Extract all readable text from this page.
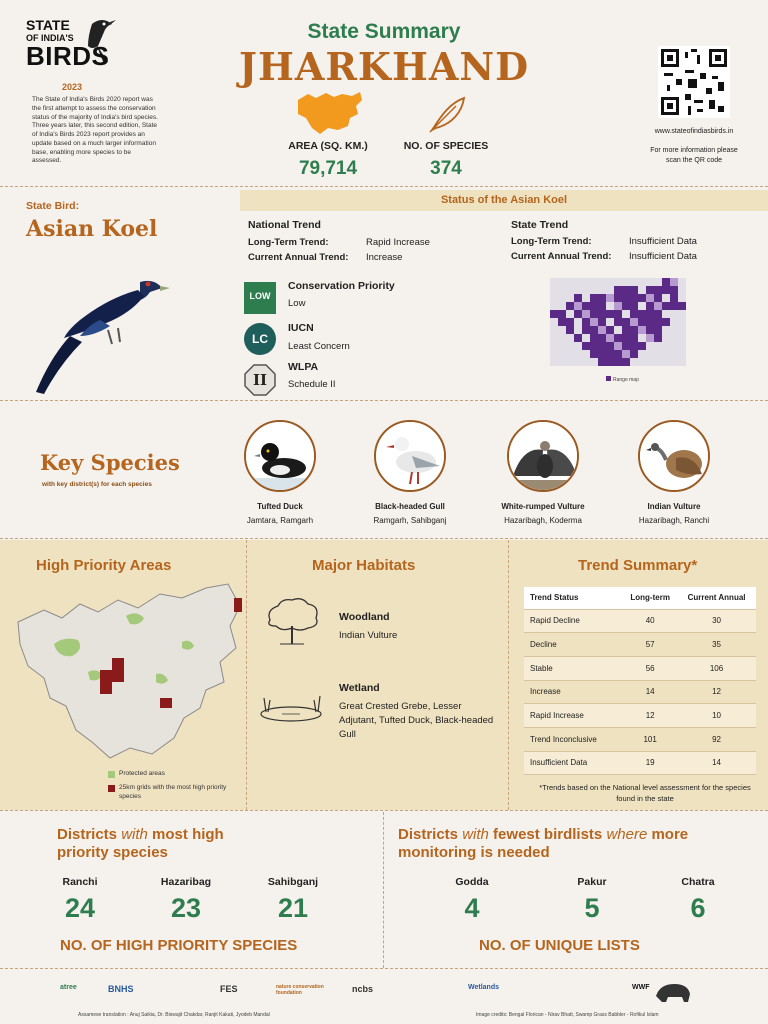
STATE
OF INDIA'S
BIRDS
2023
The State of India's Birds 2020 report was the first attempt to assess the conservation status of the majority of India's bird species. Three years later, this second edition, State of India's Birds 2023 report provides an update based on a much larger information base, enabling more species to be assessed.
State Summary
JHARKHAND
AREA (SQ. KM.)
79,714
NO. OF SPECIES
374
www.stateofindiasbirds.in
For more information please scan the QR code
State Bird:
Asian Koel
Status of the Asian Koel
National Trend
Long-Term Trend:	Rapid Increase
Current Annual Trend: Increase
State Trend
Long-Term Trend:	Insufficient Data
Current Annual Trend: Insufficient Data
LOW
Conservation Priority
Low
LC
IUCN
Least Concern
II
WLPA
Schedule II	Range map
Key Species
with key district(s) for each species
Tufted Duck
Jamtara, Ramgarh
Black-headed Gull
Ramgarh, Sahibganj
White-rumped Vulture
Hazaribagh, Koderma
Indian Vulture
Hazaribagh, Ranchi
High Priority Areas
Protected areas
25km grids with the most high priority species
Major Habitats
Woodland
Indian Vulture
Wetland
Great Crested Grebe, Lesser Adjutant, Tufted Duck, Black-headed Gull
Trend Summary*
Trend Status	Long-term	Current Annual
Rapid Decline	40	30
Decline	57	35
Stable	56	106
Increase	14	12
Rapid Increase	12	10
Trend Inconclusive	101	92
Insufficient Data	19	14
*Trends based on the National level assessment for the species found in the state
Districts with most high priority species
Ranchi
24
Hazaribag
23
Sahibganj
21
NO. OF HIGH PRIORITY SPECIES
Districts with fewest birdlists where more monitoring is needed
Godda
4
Pakur
5
Chatra
6
NO. OF UNIQUE LISTS
atree	BNHS	FES	nature conservation foundation	ncbs	Wetlands	WWF
Assamese translation : Anuj Saikia, Dr. Biswajit Chakdar, Ranjit Kakati, Jyodeb Mandal	Image credits: Bengal Florican - Nirav Bhatt, Swamp Grass Babbler - Rofikul Islam
